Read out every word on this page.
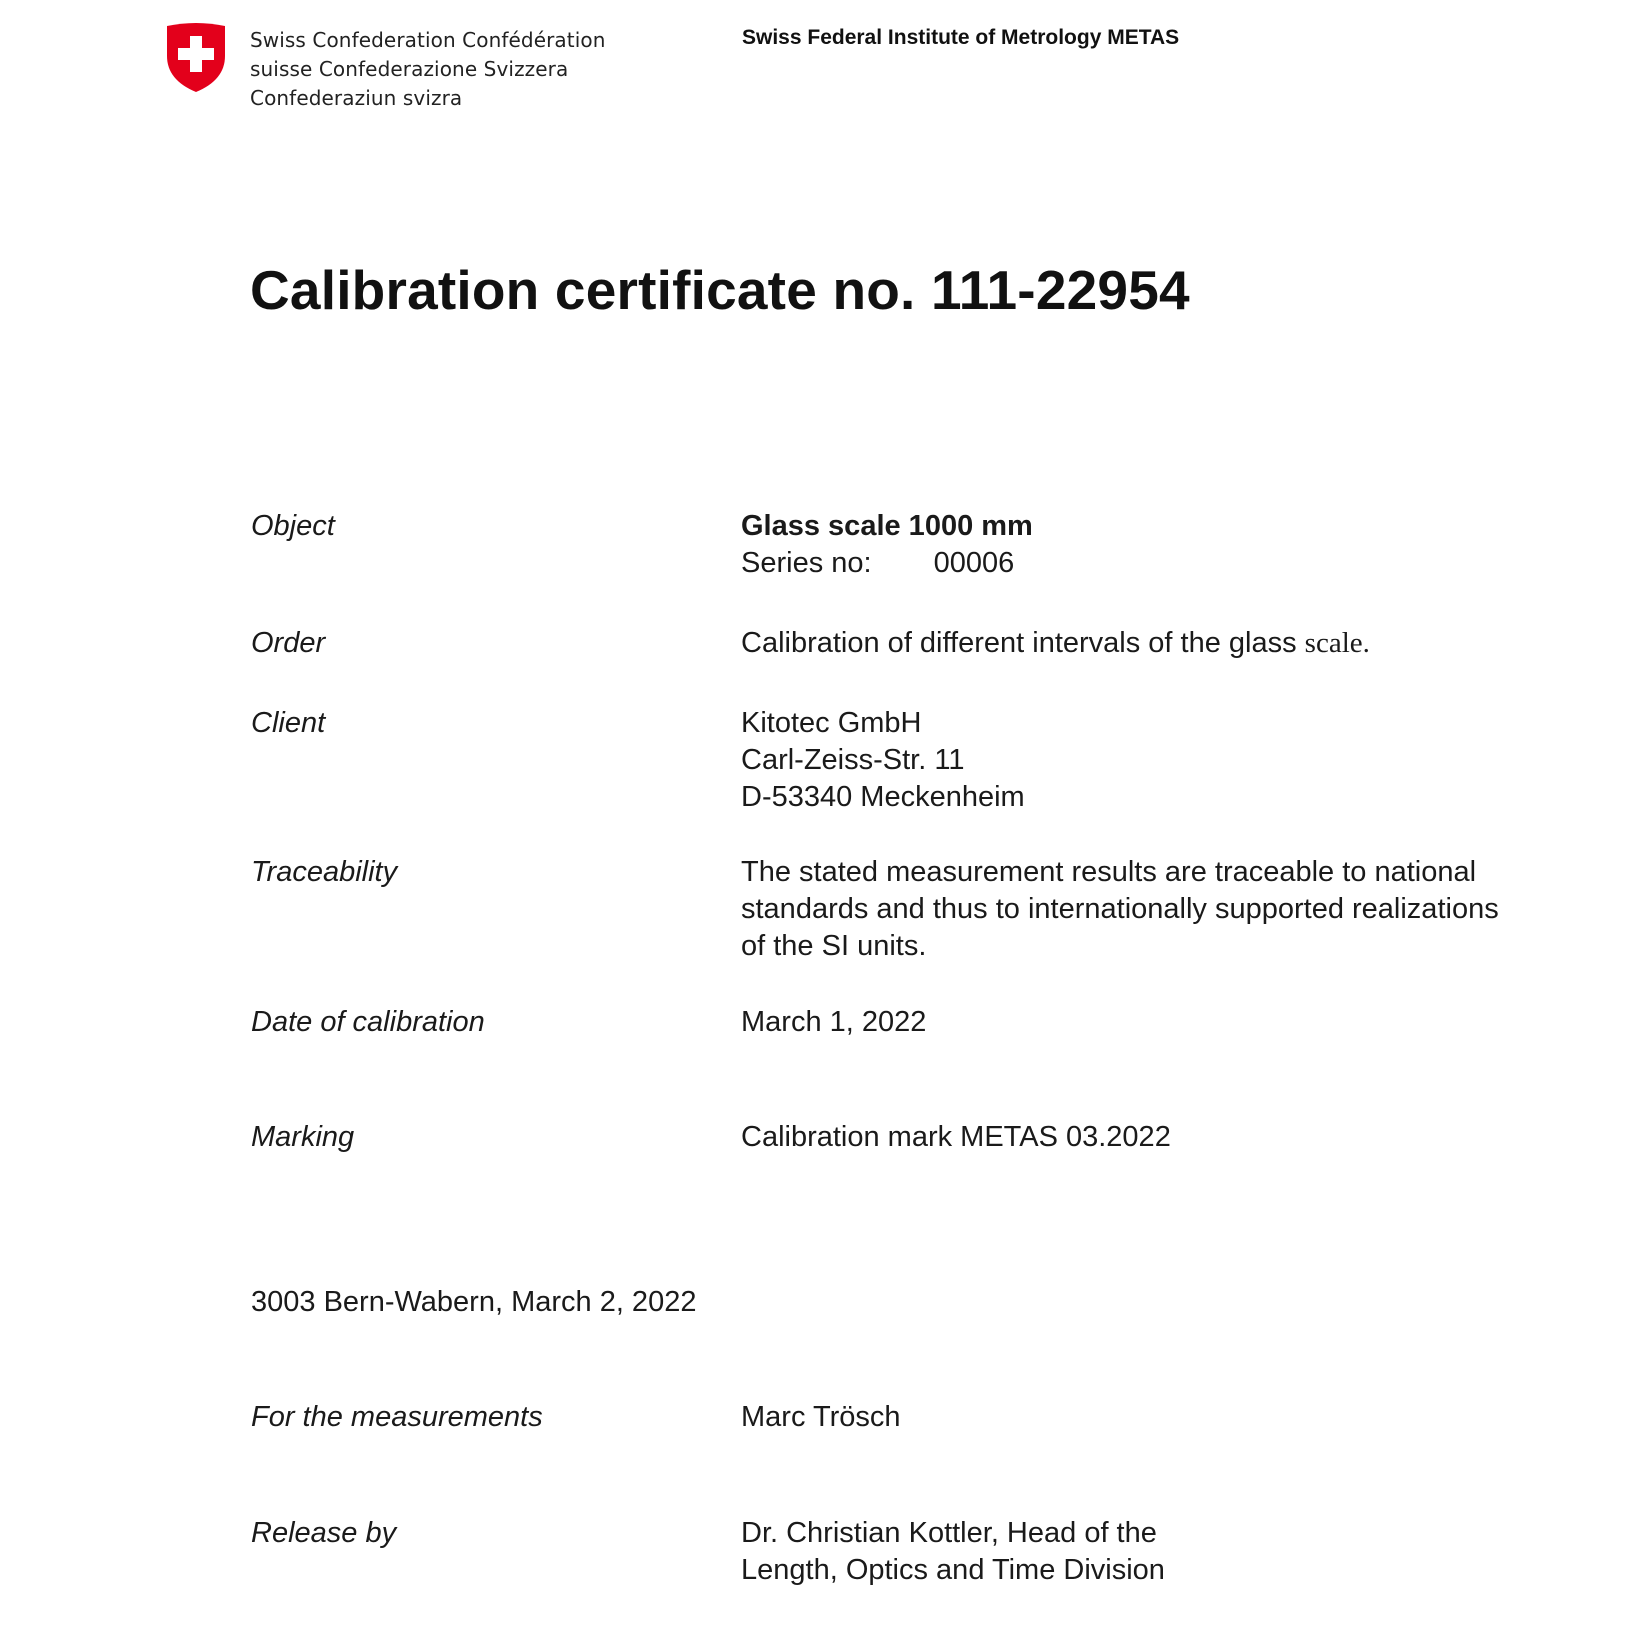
Swiss Confederation Confédération
suisse Confederazione Svizzera
Confederaziun svizra
Swiss Federal Institute of Metrology METAS
Calibration certificate no. 111-22954
Object	Glass scale 1000 mm
Series no: 00006
Order	Calibration of different intervals of the glass scale.
Client	Kitotec GmbH
Carl-Zeiss-Str. 11
D-53340 Meckenheim
Traceability	The stated measurement results are traceable to national
standards and thus to internationally supported realizations
of the SI units.
Date of calibration	March 1, 2022
Marking	Calibration mark METAS 03.2022
3003 Bern-Wabern, March 2, 2022
For the measurements	Marc Trösch
Release by	Dr. Christian Kottler, Head of the
Length, Optics and Time Division
